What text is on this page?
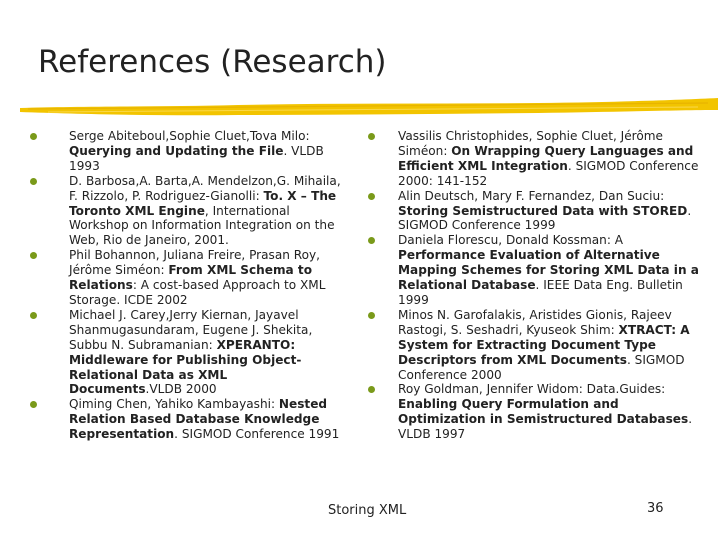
References (Research)
Serge Abiteboul,Sophie Cluet,Tova Milo: Querying and Updating the File. VLDB 1993
D. Barbosa,A. Barta,A. Mendelzon,G. Mihaila, F. Rizzolo, P. Rodriguez-Gianolli: To. X – The Toronto XML Engine, International Workshop on Information Integration on the Web, Rio de Janeiro, 2001.
Phil Bohannon, Juliana Freire, Prasan Roy, Jérôme Siméon: From XML Schema to Relations: A cost-based Approach to XML Storage. ICDE 2002
Michael J. Carey,Jerry Kiernan, Jayavel Shanmugasundaram, Eugene J. Shekita, Subbu N. Subramanian: XPERANTO: Middleware for Publishing Object-Relational Data as XML Documents.VLDB 2000
Qiming Chen, Yahiko Kambayashi: Nested Relation Based Database Knowledge Representation. SIGMOD Conference 1991
Vassilis Christophides, Sophie Cluet, Jérôme Siméon: On Wrapping Query Languages and Efficient XML Integration. SIGMOD Conference 2000: 141-152
Alin Deutsch, Mary F. Fernandez, Dan Suciu: Storing Semistructured Data with STORED. SIGMOD Conference 1999
Daniela Florescu, Donald Kossman: A Performance Evaluation of Alternative Mapping Schemes for Storing XML Data in a Relational Database. IEEE Data Eng. Bulletin 1999
Minos N. Garofalakis, Aristides Gionis, Rajeev Rastogi, S. Seshadri, Kyuseok Shim: XTRACT: A System for Extracting Document Type Descriptors from XML Documents. SIGMOD Conference 2000
Roy Goldman, Jennifer Widom: Data.Guides: Enabling Query Formulation and Optimization in Semistructured Databases. VLDB 1997
Storing XML	36
